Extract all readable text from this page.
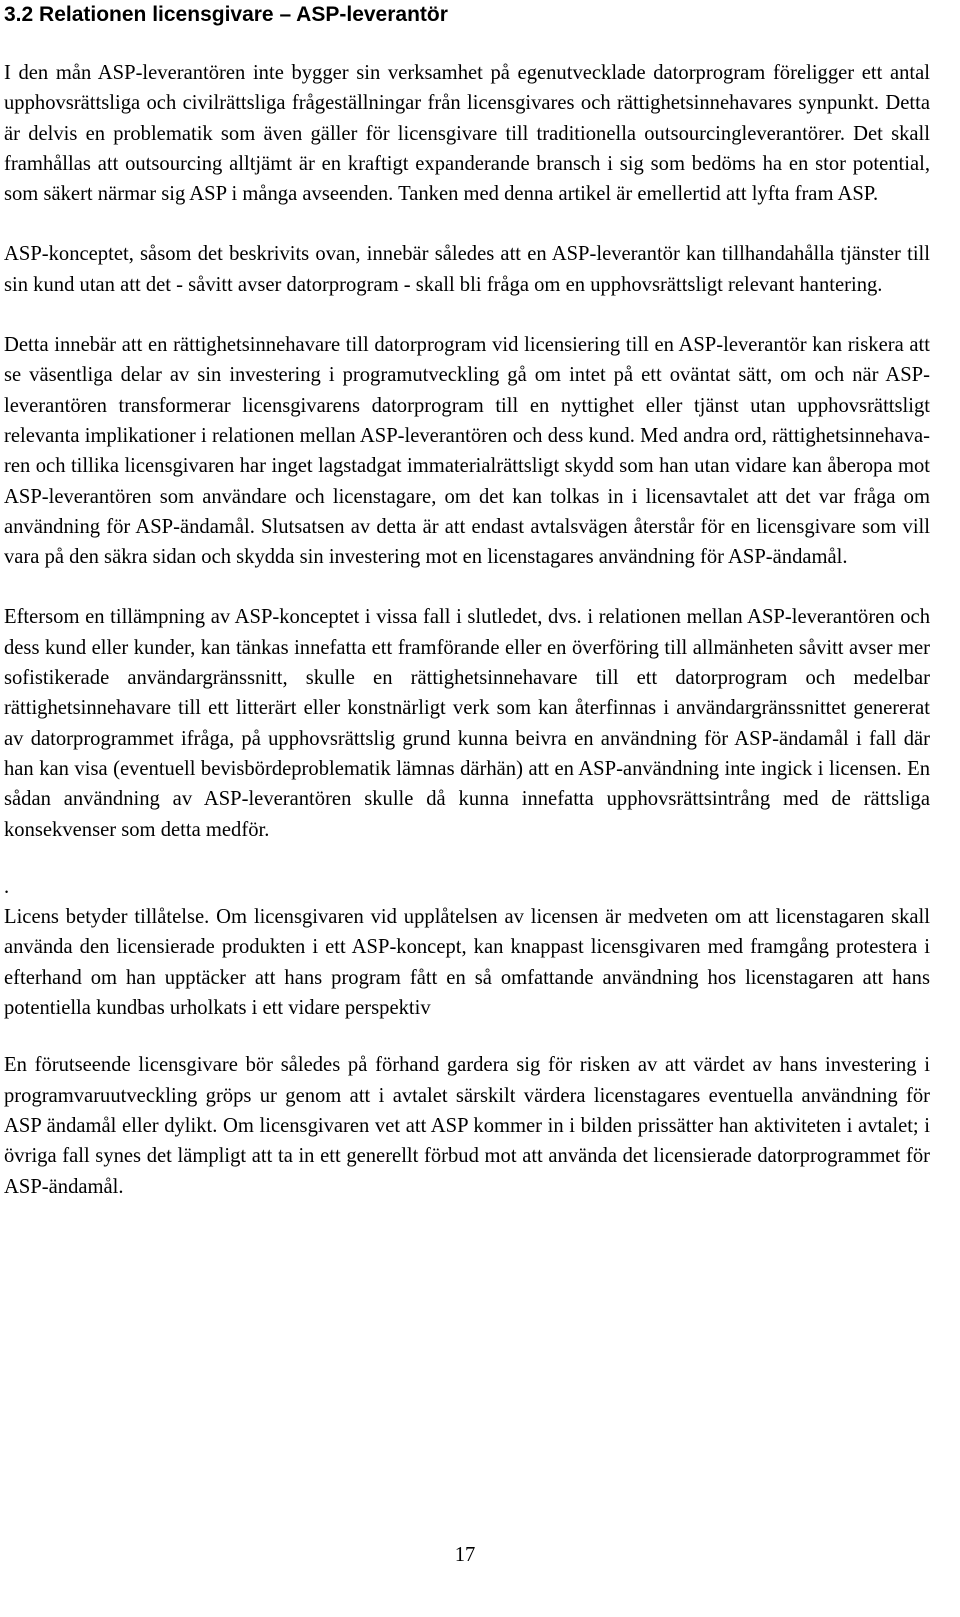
3.2 Relationen licensgivare – ASP-leverantör

I den mån ASP-leverantören inte bygger sin verksamhet på egenutvecklade datorprogram föreligger ett antal upphovsrättsliga och civilrättsliga frågeställningar från licensgivares och rättighetsinnehavares synpunkt. Detta är delvis en problematik som även gäller för licensgivare till traditionella outsourcingleverantörer. Det skall framhållas att outsourcing alltjämt är en kraftigt expanderande bransch i sig som bedöms ha en stor potential, som säkert närmar sig ASP i många avseenden. Tanken med denna artikel är emellertid att lyfta fram ASP.

ASP-konceptet, såsom det beskrivits ovan, innebär således att en ASP-leverantör kan tillhandahålla tjänster till sin kund utan att det - såvitt avser datorprogram - skall bli fråga om en upphovsrättsligt relevant hantering.

Detta innebär att en rättighetsinnehavare till datorprogram vid licensiering till en ASP-leverantör kan riskera att se väsentliga delar av sin investering i programutveckling gå om intet på ett oväntat sätt, om och när ASP-leverantören transformerar licensgivarens datorprogram till en nyttighet eller tjänst utan upphovsrättsligt relevanta implikationer i relationen mellan ASP-leverantören och dess kund. Med andra ord, rättighetsinnehava-ren och tillika licensgivaren har inget lagstadgat immaterialrättsligt skydd som han utan vidare kan åberopa mot ASP-leverantören som användare och licenstagare, om det kan tolkas in i licensavtalet att det var fråga om användning för ASP-ändamål. Slutsatsen av detta är att endast avtalsvägen återstår för en licensgivare som vill vara på den säkra sidan och skydda sin investering mot en licenstagares användning för ASP-ändamål.

Eftersom en tillämpning av ASP-konceptet i vissa fall i slutledet, dvs. i relationen mellan ASP-leverantören och dess kund eller kunder, kan tänkas innefatta ett framförande eller en överföring till allmänheten såvitt avser mer sofistikerade användargränssnitt, skulle en rättighetsinnehavare till ett datorprogram och medelbar rättighetsinnehavare till ett litterärt eller konstnärligt verk som kan återfinnas i användargränssnittet genererat av datorprogrammet ifråga, på upphovsrättslig grund kunna beivra en användning för ASP-ändamål i fall där han kan visa (eventuell bevisbördeproblematik lämnas därhän) att en ASP-användning inte ingick i licensen. En sådan användning av ASP-leverantören skulle då kunna innefatta upphovsrättsintrång med de rättsliga konsekvenser som detta medför.

.
Licens betyder tillåtelse. Om licensgivaren vid upplåtelsen av licensen är medveten om att licenstagaren skall använda den licensierade produkten i ett ASP-koncept, kan knappast licensgivaren med framgång protestera i efterhand om han upptäcker att hans program fått en så omfattande användning hos licenstagaren att hans potentiella kundbas urholkats i ett vidare perspektiv

En förutseende licensgivare bör således på förhand gardera sig för risken av att värdet av hans investering i programvaruutveckling gröps ur genom att i avtalet särskilt värdera licenstagares eventuella användning för ASP ändamål eller dylikt. Om licensgivaren vet att ASP kommer in i bilden prissätter han aktiviteten i avtalet; i övriga fall synes det lämpligt att ta in ett generellt förbud mot att använda det licensierade datorprogrammet för ASP-ändamål.

17
